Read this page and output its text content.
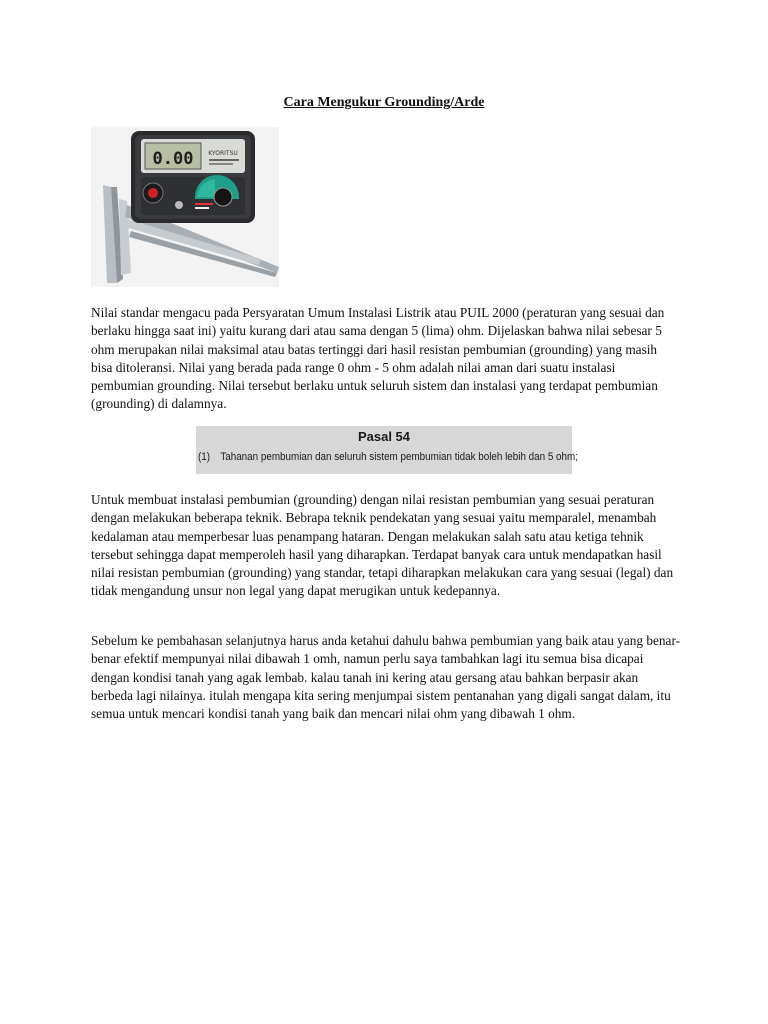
Cara Mengukur Grounding/Arde
0.00 KYORITSU

Nilai standar mengacu pada Persyaratan Umum Instalasi Listrik atau PUIL 2000 (peraturan yang sesuai dan berlaku hingga saat ini) yaitu kurang dari atau sama dengan 5 (lima) ohm. Dijelaskan bahwa nilai sebesar 5 ohm merupakan nilai maksimal atau batas tertinggi dari hasil resistan pembumian (grounding) yang masih bisa ditoleransi. Nilai yang berada pada range 0 ohm - 5 ohm adalah nilai aman dari suatu instalasi pembumian grounding. Nilai tersebut berlaku untuk seluruh sistem dan instalasi yang terdapat pembumian (grounding) di dalamnya.

Pasal 54
(1) Tahanan pembumian dan seluruh sistem pembumian tidak boleh lebih dan 5 ohm;

Untuk membuat instalasi pembumian (grounding) dengan nilai resistan pembumian yang sesuai peraturan dengan melakukan beberapa teknik. Bebrapa teknik pendekatan yang sesuai yaitu memparalel, menambah kedalaman atau memperbesar luas penampang hataran. Dengan melakukan salah satu atau ketiga tehnik tersebut sehingga dapat memperoleh hasil yang diharapkan. Terdapat banyak cara untuk mendapatkan hasil nilai resistan pembumian (grounding) yang standar, tetapi diharapkan melakukan cara yang sesuai (legal) dan tidak mengandung unsur non legal yang dapat merugikan untuk kedepannya.

Sebelum ke pembahasan selanjutnya harus anda ketahui dahulu bahwa pembumian yang baik atau yang benar-benar efektif mempunyai nilai dibawah 1 omh, namun perlu saya tambahkan lagi itu semua bisa dicapai dengan kondisi tanah yang agak lembab. kalau tanah ini kering atau gersang atau bahkan berpasir akan berbeda lagi nilainya. itulah mengapa kita sering menjumpai sistem pentanahan yang digali sangat dalam, itu semua untuk mencari kondisi tanah yang baik dan mencari nilai ohm yang dibawah 1 ohm.
